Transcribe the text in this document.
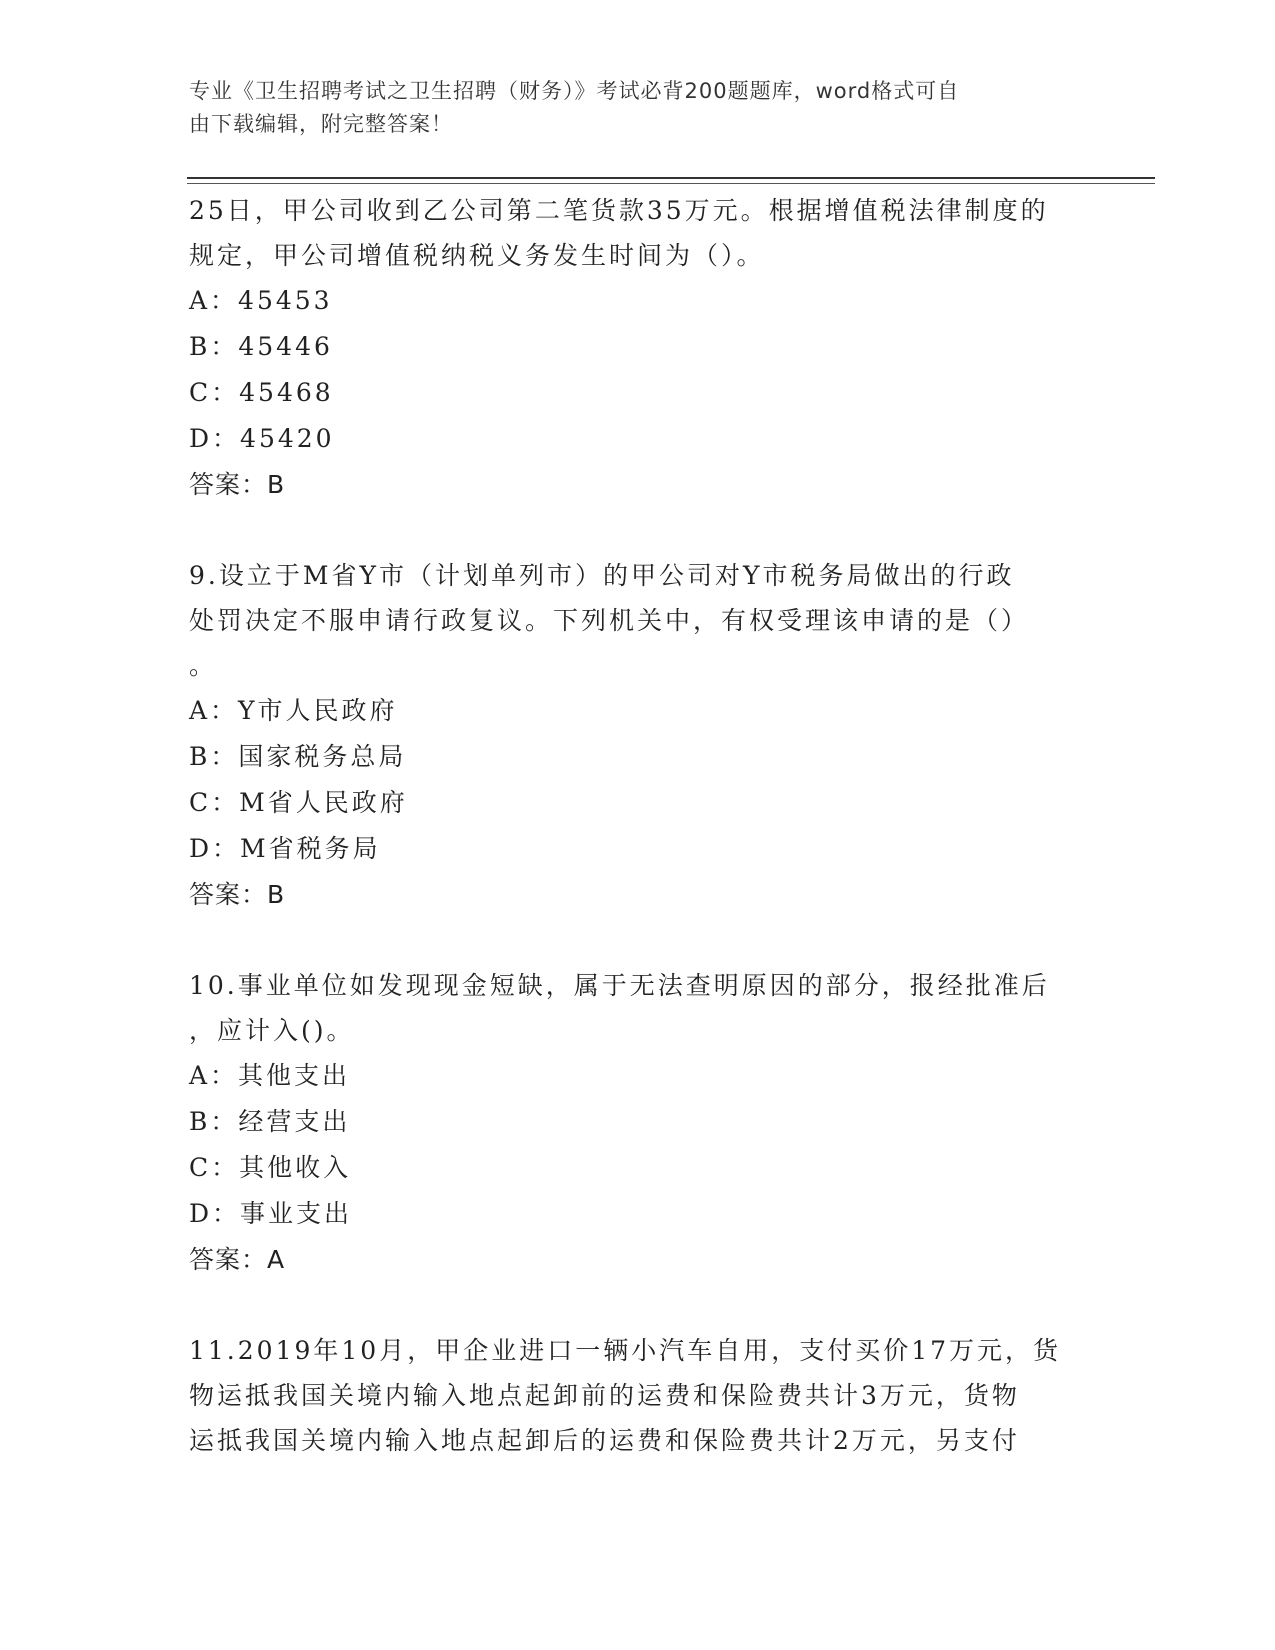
专业《卫生招聘考试之卫生招聘（财务）》考试必背200题题库，word格式可自
由下载编辑，附完整答案！
25日，甲公司收到乙公司第二笔货款35万元。根据增值税法律制度的
规定，甲公司增值税纳税义务发生时间为（）。
A：45453
B：45446
C：45468
D：45420
答案：B
9.设立于M省Y市（计划单列市）的甲公司对Y市税务局做出的行政
处罚决定不服申请行政复议。下列机关中，有权受理该申请的是（）
。
A：Y市人民政府
B：国家税务总局
C：M省人民政府
D：M省税务局
答案：B
10.事业单位如发现现金短缺，属于无法查明原因的部分，报经批准后
，应计入()。
A：其他支出
B：经营支出
C：其他收入
D：事业支出
答案：A
11.2019年10月，甲企业进口一辆小汽车自用，支付买价17万元，货
物运抵我国关境内输入地点起卸前的运费和保险费共计3万元，货物
运抵我国关境内输入地点起卸后的运费和保险费共计2万元，另支付
